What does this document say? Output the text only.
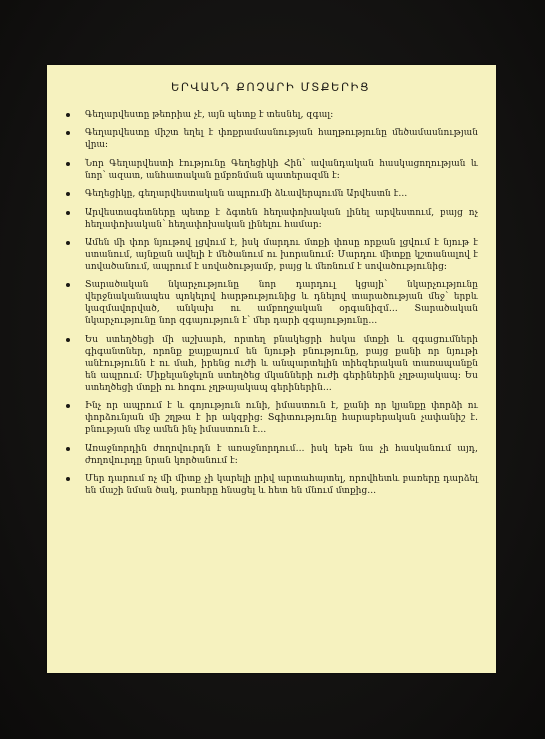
ԵՐՎԱՆԴ ՔՈՉԱՐԻ ՄՏՔԵՐԻՑ
Գեղարվեստը թեորիա չէ, այն պետք է տեսնել, զգալ:
Գեղարվեստը միշտ եղել է փոքրամասնության հաղթությունը մեծամասնության վրա:
Նոր Գեղարվեստի էությունը Գեղեցիկի Հին՝ ավանդական հասկացողության և նոր՝ ազատ, անհատական ըմբռնման պատերազմն է:
Գեղեցիկը, գեղարվեստական ապրումի ձևավերպումն Արվեստն է…
Արվեստագետները պետք է ձգտեն հեղափոխական լինել արվեստում, բայց ոչ հեղափոխական՝ հեղափոխական լինելու համար:
Ամեն մի փոր նյութով լցվում է, իսկ մարդու մտքի փոսը որքան լցվում է նյութ է ստանում, այնքան ավելի է մեծանում ու խորանում: Մարդու միտքը կշտանալով է սովածանում, ապրում է սովածությամբ, բայց և մեռնում է սովածությունից:
Տարածական նկարչությունը նոր դարդուլ կցայի՝ նկարչությունը վերջնականապես պոկելով հարթությունից և դնելով տարածության մեջ՝ երբև կազմավորված, անկախ ու ամբողջական օրգանիզմ… Տարածական նկարչությունը նոր զգայություն է՝ մեր դարի զգայությունը…
Ես ստեղծեցի մի աշխարհ, որտեղ բնակեցրի հսկա մտքի և զգացումների գիգանտներ, որոնք քայքայում են նյութի բնությունը, բայց քանի որ նյութի անէությունն է ու մահ, իրենց ուժի և անպարտելին տիեզերական տառապանքն են ապրում: Միքելանջելոն ստեղծեց մկանների ուժի գերիներին չղթայակապ: Ես ստեղծեցի մտքի ու հոգու չղթայակապ գերիներին…
Ինչ որ ապրում է և գոյություն ունի, իմաստուն է, քանի որ կյանքը փորձի ու փորձունյան մի շղթա է իր ակզբից: Տգիտությունը հարաբերական չափանիշ է. բնության մեջ ամեն ինչ իմաստուն է…
Առաջնորդին ժողովուրդն է առաջնորդում… իսկ եթե նա չի հասկանում այդ, ժողովուրդը նրան կործանում է:
Մեր դարում ոչ մի միտք չի կարելի լրիվ արտահայտել, որովհետև բառերը դարձել են մաշի նման ծակ, բառերը հնացել և հետ են մնում մտքից…
